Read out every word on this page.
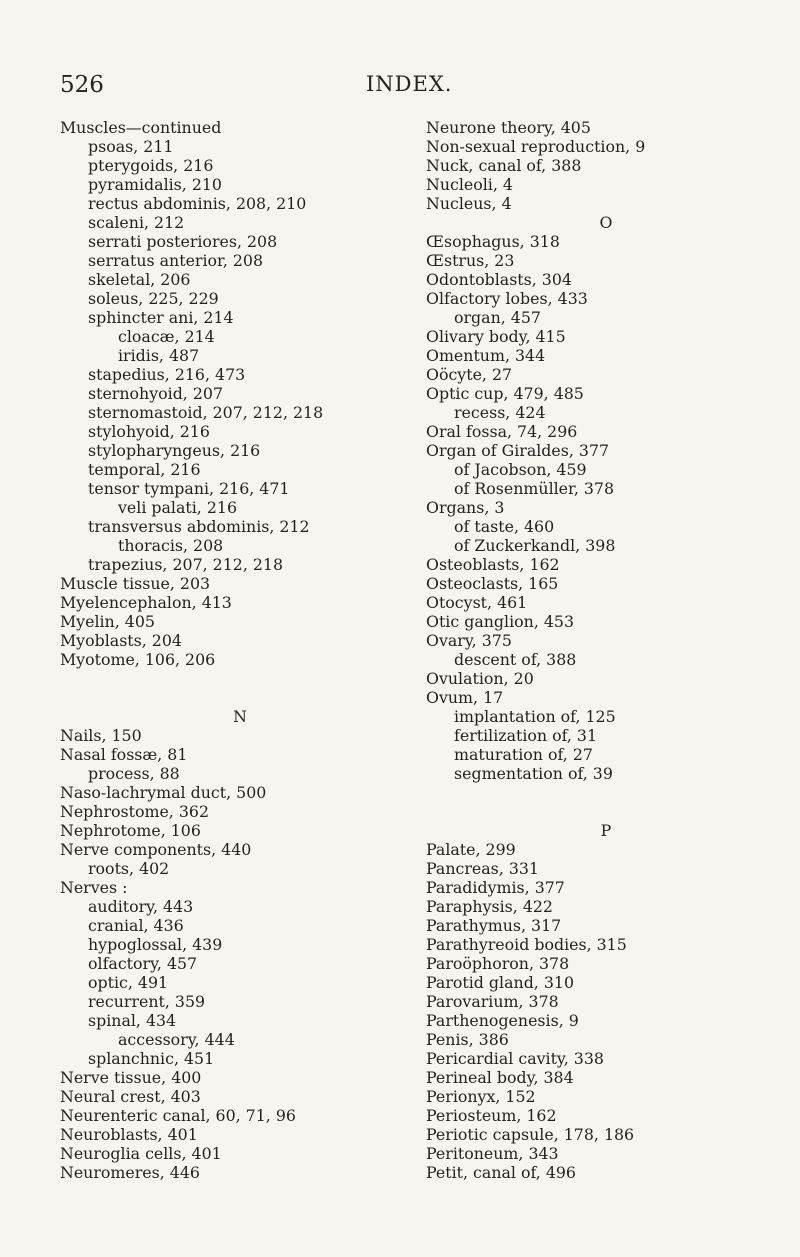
526	INDEX.
Muscles—continued
psoas, 211
pterygoids, 216
pyramidalis, 210
rectus abdominis, 208, 210
scaleni, 212
serrati posteriores, 208
serratus anterior, 208
skeletal, 206
soleus, 225, 229
sphincter ani, 214
cloacæ, 214
iridis, 487
stapedius, 216, 473
sternohyoid, 207
sternomastoid, 207, 212, 218
stylohyoid, 216
stylopharyngeus, 216
temporal, 216
tensor tympani, 216, 471
veli palati, 216
transversus abdominis, 212
thoracis, 208
trapezius, 207, 212, 218
Muscle tissue, 203
Myelencephalon, 413
Myelin, 405
Myoblasts, 204
Myotome, 106, 206
N
Nails, 150
Nasal fossæ, 81
process, 88
Naso-lachrymal duct, 500
Nephrostome, 362
Nephrotome, 106
Nerve components, 440
roots, 402
Nerves :
auditory, 443
cranial, 436
hypoglossal, 439
olfactory, 457
optic, 491
recurrent, 359
spinal, 434
accessory, 444
splanchnic, 451
Nerve tissue, 400
Neural crest, 403
Neurenteric canal, 60, 71, 96
Neuroblasts, 401
Neuroglia cells, 401
Neuromeres, 446
Neurone theory, 405
Non-sexual reproduction, 9
Nuck, canal of, 388
Nucleoli, 4
Nucleus, 4
O
Œsophagus, 318
Œstrus, 23
Odontoblasts, 304
Olfactory lobes, 433
organ, 457
Olivary body, 415
Omentum, 344
Oöcyte, 27
Optic cup, 479, 485
recess, 424
Oral fossa, 74, 296
Organ of Giraldes, 377
of Jacobson, 459
of Rosenmüller, 378
Organs, 3
of taste, 460
of Zuckerkandl, 398
Osteoblasts, 162
Osteoclasts, 165
Otocyst, 461
Otic ganglion, 453
Ovary, 375
descent of, 388
Ovulation, 20
Ovum, 17
implantation of, 125
fertilization of, 31
maturation of, 27
segmentation of, 39
P
Palate, 299
Pancreas, 331
Paradidymis, 377
Paraphysis, 422
Parathymus, 317
Parathyreoid bodies, 315
Paroöphoron, 378
Parotid gland, 310
Parovarium, 378
Parthenogenesis, 9
Penis, 386
Pericardial cavity, 338
Perineal body, 384
Perionyx, 152
Periosteum, 162
Periotic capsule, 178, 186
Peritoneum, 343
Petit, canal of, 496
